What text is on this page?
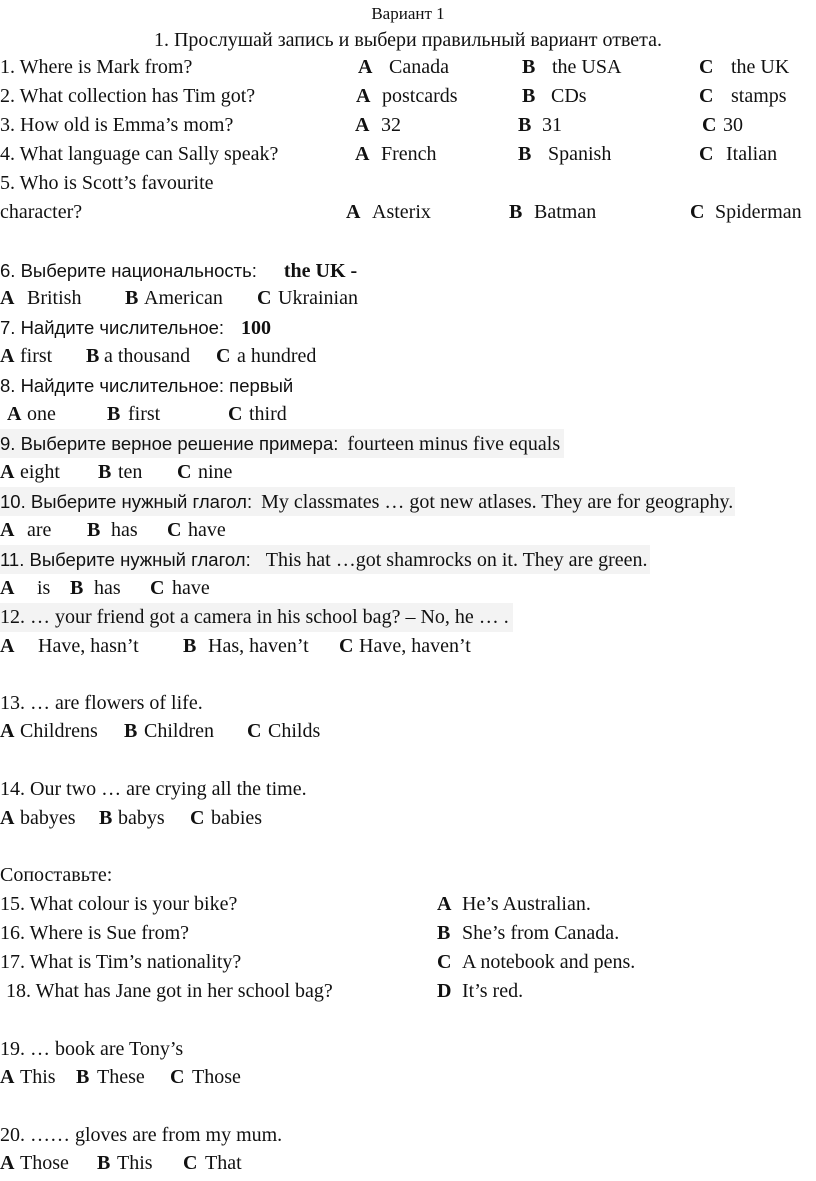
Вариант 1
1. Прослушай запись и выбери правильный вариант ответа.
1. Where is Mark from?	A Canada	B the USA	C the UK
2. What collection has Tim got?	A postcards	B CDs	C stamps
3. How old is Emma’s mom?	A 32	B 31	C 30
4. What language can Sally speak?	A French	B Spanish	C Italian
5. Who is Scott’s favourite
character?	A Asterix	B Batman	C Spiderman
6. Выберите национальность: the UK -
A British B American C Ukrainian
7. Найдите числительное: 100
A first B a thousand C a hundred
8. Найдите числительное: первый
A one	B first	C third
9. Выберите верное решение примера: fourteen minus five equals
A eight B ten C nine
10. Выберите нужный глагол: My classmates … got new atlases. They are for geography.
A are B has C have
11. Выберите нужный глагол: This hat …got shamrocks on it. They are green.
A is B has C have
12. … your friend got a camera in his school bag? – No, he … .
A Have, hasn’t B Has, haven’t C Have, haven’t
13. … are flowers of life.
A Childrens B Children C Childs
14. Our two … are crying all the time.
A babyes B babys C babies
Сопоставьте:
15. What colour is your bike?	A He’s Australian.
16. Where is Sue from?	B She’s from Canada.
17. What is Tim’s nationality?	C A notebook and pens.
18. What has Jane got in her school bag?	D It’s red.
19. … book are Tony’s
A This B These C Those
20. …… gloves are from my mum.
A Those B This C That
